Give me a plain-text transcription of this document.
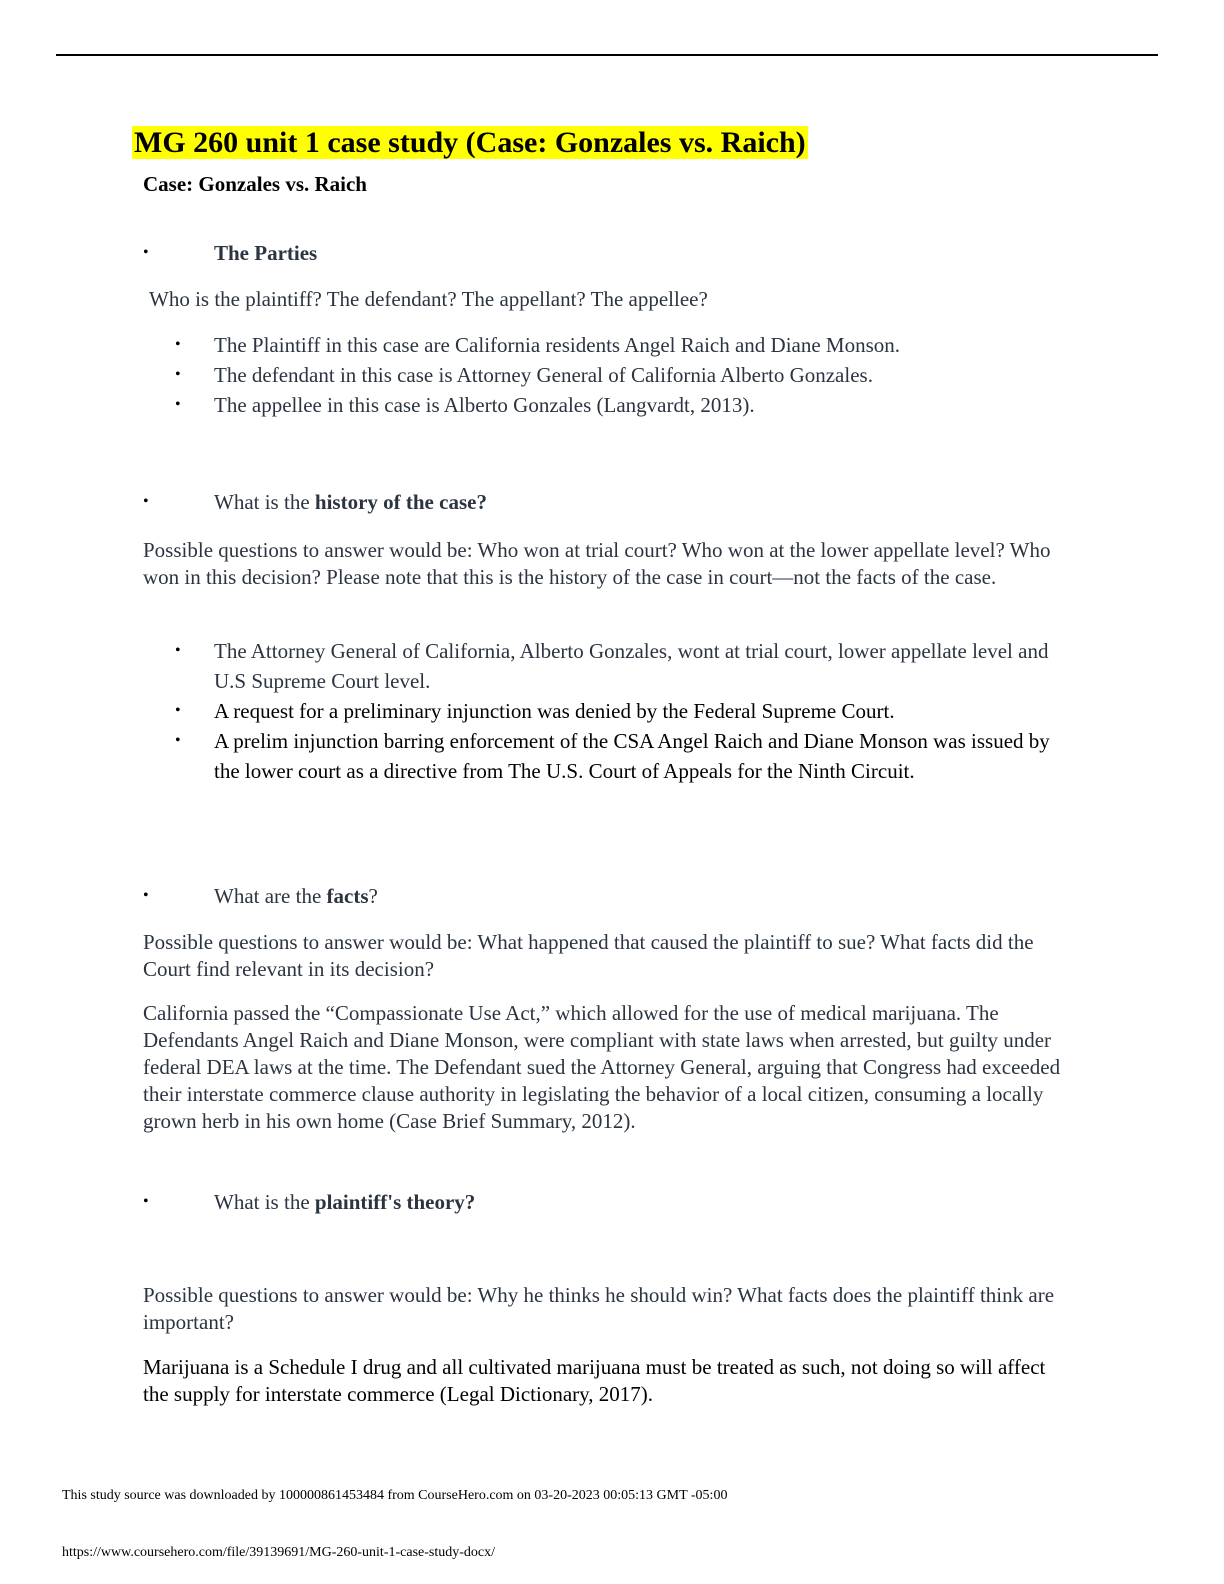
MG 260 unit 1 case study (Case: Gonzales vs. Raich)
Case: Gonzales vs. Raich
•	The Parties

Who is the plaintiff? The defendant? The appellant? The appellee?

•	The Plaintiff in this case are California residents Angel Raich and Diane Monson.
•	The defendant in this case is Attorney General of California Alberto Gonzales.
•	The appellee in this case is Alberto Gonzales (Langvardt, 2013).
•	What is the history of the case?

Possible questions to answer would be: Who won at trial court? Who won at the lower appellate level? Who won in this decision? Please note that this is the history of the case in court—not the facts of the case.

•	The Attorney General of California, Alberto Gonzales, wont at trial court, lower appellate level and U.S Supreme Court level.
•	A request for a preliminary injunction was denied by the Federal Supreme Court.
•	A prelim injunction barring enforcement of the CSA Angel Raich and Diane Monson was issued by the lower court as a directive from The U.S. Court of Appeals for the Ninth Circuit.
•	What are the facts?

Possible questions to answer would be: What happened that caused the plaintiff to sue? What facts did the Court find relevant in its decision?

California passed the “Compassionate Use Act,” which allowed for the use of medical marijuana. The Defendants Angel Raich and Diane Monson, were compliant with state laws when arrested, but guilty under federal DEA laws at the time. The Defendant sued the Attorney General, arguing that Congress had exceeded their interstate commerce clause authority in legislating the behavior of a local citizen, consuming a locally grown herb in his own home (Case Brief Summary, 2012).

•	What is the plaintiff's theory?

Possible questions to answer would be: Why he thinks he should win? What facts does the plaintiff think are important?

Marijuana is a Schedule I drug and all cultivated marijuana must be treated as such, not doing so will affect the supply for interstate commerce (Legal Dictionary, 2017).

This study source was downloaded by 100000861453484 from CourseHero.com on 03-20-2023 00:05:13 GMT -05:00

https://www.coursehero.com/file/39139691/MG-260-unit-1-case-study-docx/
